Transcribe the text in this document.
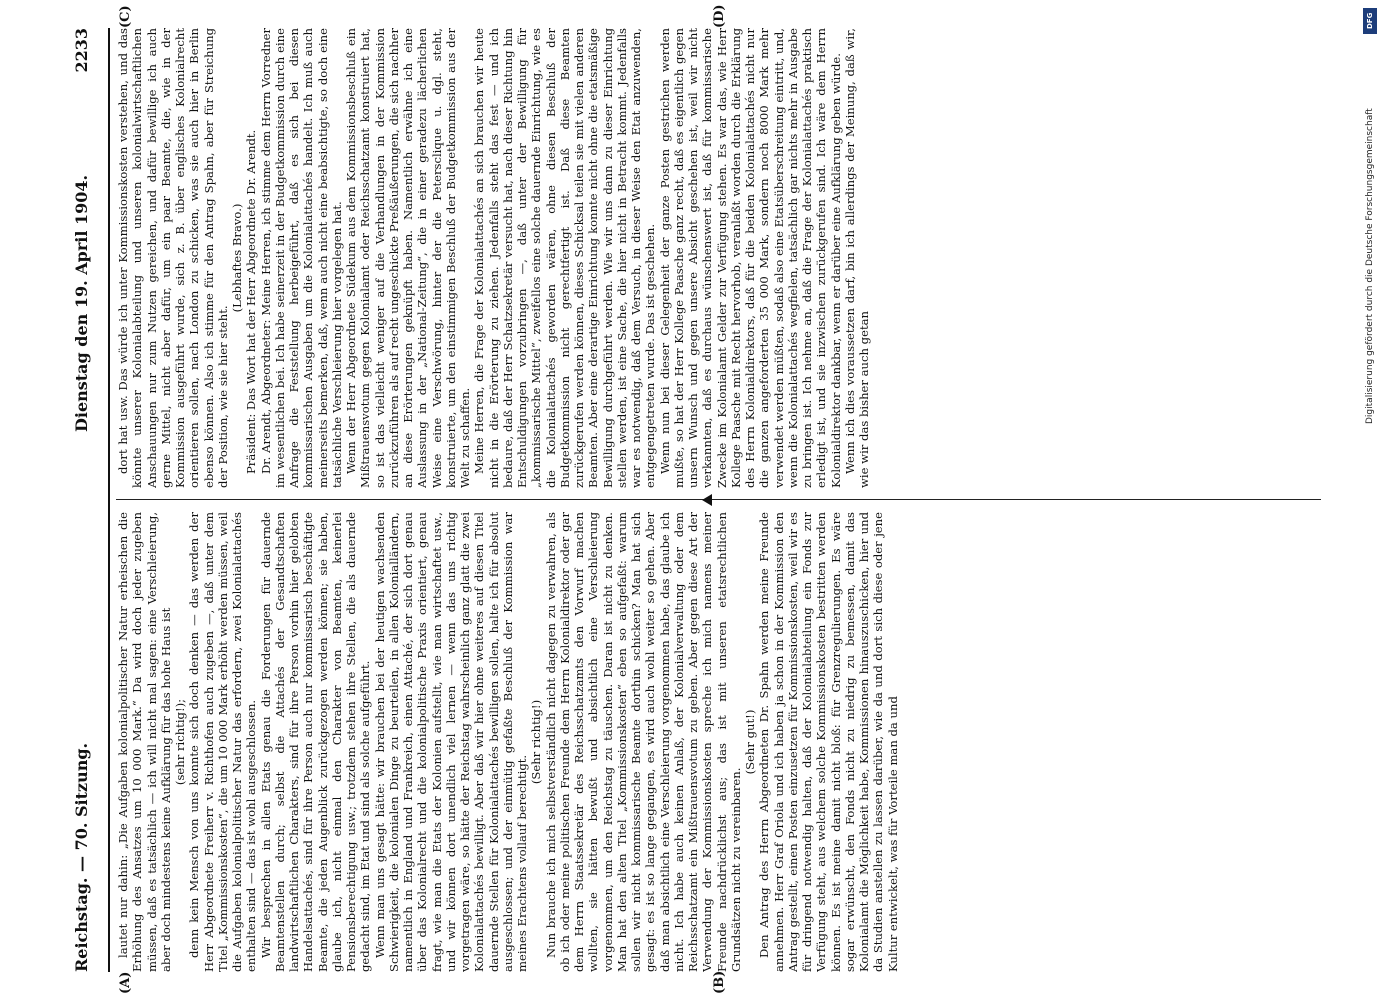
Reichstag. — 70. Sitzung.
Dienstag den 19. April 1904.
2233
(A)	(B)
(C)	(D)

lautet nur dahin: „Die Aufgaben kolonialpolitischer Natur erheischen die Erhöhung des Ansatzes um 10 000 Mark.“ Da wird doch jeder zugeben müssen, daß es tatsächlich — ich will nicht mal sagen: eine Verschleierung, aber doch mindestens keine Aufklärung für das hohe Haus ist (sehr richtig!); denn kein Mensch von uns konnte sich doch denken — das werden der Herr Abgeordnete Freiherr v. Richthofen auch zugeben —, daß unter dem Titel „Kommissionskosten“, die um 10 000 Mark erhöht werden müssen, weil die Aufgaben kolonialpolitischer Natur das erfordern, zwei Kolonialattachés enthalten sind — das ist wohl ausgeschlossen. Wir besprechen in allen Etats genau die Forderungen für dauernde Beamtenstellen durch; selbst die Attachés der Gesandtschaften landwirtschaftlichen Charakters, sind für ihre Person vorhin hier gelobten Handelsattachés, sind für ihre Person auch nur kommissarisch beschäftigte Beamte, die jeden Augenblick zurückgezogen werden können; sie haben, glaube ich, nicht einmal den Charakter von Beamten, keinerlei Pensionsberechtigung usw.; trotzdem stehen ihre Stellen, die als dauernde gedacht sind, im Etat und sind als solche aufgeführt. Wenn man uns gesagt hätte: wir brauchen bei der heutigen wachsenden Schwierigkeit, die kolonialen Dinge zu beurteilen, in allen Kolonialländern, namentlich in England und Frankreich, einen Attaché, der sich dort genau über das Kolonialrecht und die kolonialpolitische Praxis orientiert, genau fragt, wie man die Etats der Kolonien aufstellt, wie man wirtschaftet usw., und wir können dort unendlich viel lernen — wenn das uns richtig vorgetragen wäre, so hätte der Reichstag wahrscheinlich ganz glatt die zwei Kolonialattachés bewilligt. Aber daß wir hier ohne weiteres auf diesen Titel dauernde Stellen für Kolonialattachés bewilligen sollen, halte ich für absolut ausgeschlossen; und der einmütig gefaßte Beschluß der Kommission war meines Erachtens vollauf berechtigt.

(Sehr richtig!) Nun brauche ich mich selbstverständlich nicht dagegen zu verwahren, als ob ich oder meine politischen Freunde dem Herrn Kolonialdirektor oder gar dem Herrn Staatssekretär des Reichsschatzamts den Vorwurf machen wollten, sie hätten bewußt und absichtlich eine Verschleierung vorgenommen, um den Reichstag zu täuschen. Daran ist nicht zu denken. Man hat den alten Titel „Kommissionskosten“ eben so aufgefaßt: warum sollen wir nicht kommissarische Beamte dorthin schicken? Man hat sich gesagt: es ist so lange gegangen, es wird auch wohl weiter so gehen. Aber daß man absichtlich eine Verschleierung vorgenommen habe, das glaube ich nicht. Ich habe auch keinen Anlaß, der Kolonialverwaltung oder dem Reichsschatzamt ein Mißtrauensvotum zu geben. Aber gegen diese Art der Verwendung der Kommissionskosten spreche ich mich namens meiner Freunde nachdrücklichst aus; das ist mit unseren etatsrechtlichen Grundsätzen nicht zu vereinbaren.

(Sehr gut!) Den Antrag des Herrn Abgeordneten Dr. Spahn werden meine Freunde annehmen. Herr Graf Oriola und ich haben ja schon in der Kommission den Antrag gestellt, einen Posten einzusetzen für Kommissionskosten, weil wir es für dringend notwendig halten, daß der Kolonialabteilung ein Fonds zur Verfügung steht, aus welchem solche Kommissionskosten bestritten werden können. Es ist meine damit nicht bloß: für Grenzregulierungen. Es wäre sogar erwünscht, den Fonds nicht zu niedrig zu bemessen, damit das Kolonialamt die Möglichkeit habe, Kommissionen hinauszuschicken, hier und da Studien anstellen zu lassen darüber, wie da und dort sich diese oder jene Kultur entwickelt, was für Vorteile man da und

dort hat usw. Das würde ich unter Kommissionskosten verstehen, und das könnte unserer Kolonialabteilung und unseren kolonialwirtschaftlichen Anschauungen nur zum Nutzen gereichen, und dafür bewillige ich auch gerne Mittel, nicht aber dafür, um ein paar Beamte, die, wie in der Kommission ausgeführt wurde, sich z. B. über englisches Kolonialrecht orientieren sollen, nach London zu schicken, was sie auch hier in Berlin ebenso können. Also ich stimme für den Antrag Spahn, aber für Streichung der Position, wie sie hier steht.

(Lebhaftes Bravo.) Präsident: Das Wort hat der Herr Abgeordnete Dr. Arendt. Dr. Arendt, Abgeordneter: Meine Herren, ich stimme dem Herrn Vorredner im wesentlichen bei. Ich habe seinerzeit in der Budgetkommission durch eine Anfrage die Feststellung herbeigeführt, daß es sich bei diesen kommissarischen Ausgaben um die Kolonialattachés handelt. Ich muß auch meinerseits bemerken, daß, wenn auch nicht eine beabsichtigte, so doch eine tatsächliche Verschleierung hier vorgelegen hat. Wenn der Herr Abgeordnete Südekum aus dem Kommissionsbeschluß ein Mißtrauensvotum gegen Kolonialamt oder Reichsschatzamt konstruiert hat, so ist das vielleicht weniger auf die Verhandlungen in der Kommission zurückzuführen als auf recht ungeschickte Preßäußerungen, die sich nachher an diese Erörterungen geknüpft haben. Namentlich erwähne ich eine Auslassung in der „National-Zeitung“, die in einer geradezu lächerlichen Weise eine Verschwörung, hinter der die Petersclique u. dgl. steht, konstruierte, um den einstimmigen Beschluß der Budgetkommission aus der Welt zu schaffen. Meine Herren, die Frage der Kolonialattachés an sich brauchen wir heute nicht in die Erörterung zu ziehen. Jedenfalls steht das fest — und ich bedaure, daß der Herr Schatzsekretär versucht hat, nach dieser Richtung hin Entschuldigungen vorzubringen —, daß unter der Bewilligung für „kommissarische Mittel“, zweifellos eine solche dauernde Einrichtung, wie es die Kolonialattachés geworden wären, ohne diesen Beschluß der Budgetkommission nicht gerechtfertigt ist. Daß diese Beamten zurückgerufen werden können, dieses Schicksal teilen sie mit vielen anderen Beamten. Aber eine derartige Einrichtung konnte nicht ohne die etatsmäßige Bewilligung durchgeführt werden. Wie wir uns dann zu dieser Einrichtung stellen werden, ist eine Sache, die hier nicht in Betracht kommt. Jedenfalls war es notwendig, daß dem Versuch, in dieser Weise den Etat anzuwenden, entgegengetreten wurde. Das ist geschehen. Wenn nun bei dieser Gelegenheit der ganze Posten gestrichen werden mußte, so hat der Herr Kollege Paasche ganz recht, daß es eigentlich gegen unsern Wunsch und gegen unsere Absicht geschehen ist, weil wir nicht verkannten, daß es durchaus wünschenswert ist, daß für kommissarische Zwecke im Kolonialamt Gelder zur Verfügung stehen. Es war das, wie Herr Kollege Paasche mit Recht hervorhob, veranlaßt worden durch die Erklärung des Herrn Kolonialdirektors, daß für die beiden Kolonialattachés nicht nur die ganzen angeforderten 35 000 Mark, sondern noch 8000 Mark mehr verwendet werden müßten, sodaß also eine Etatsüberschreitung eintritt, und, wenn die Kolonialattachés wegfielen, tatsächlich gar nichts mehr in Ausgabe zu bringen ist. Ich nehme an, daß die Frage der Kolonialattachés praktisch erledigt ist, und sie inzwischen zurückgerufen sind. Ich wäre dem Herrn Kolonialdirektor dankbar, wenn er darüber eine Aufklärung geben würde. Wenn ich dies voraussetzen darf, bin ich allerdings der Meinung, daß wir, wie wir das bisher auch getan

DFG
Digitalisierung gefördert durch die Deutsche Forschungsgemeinschaft
